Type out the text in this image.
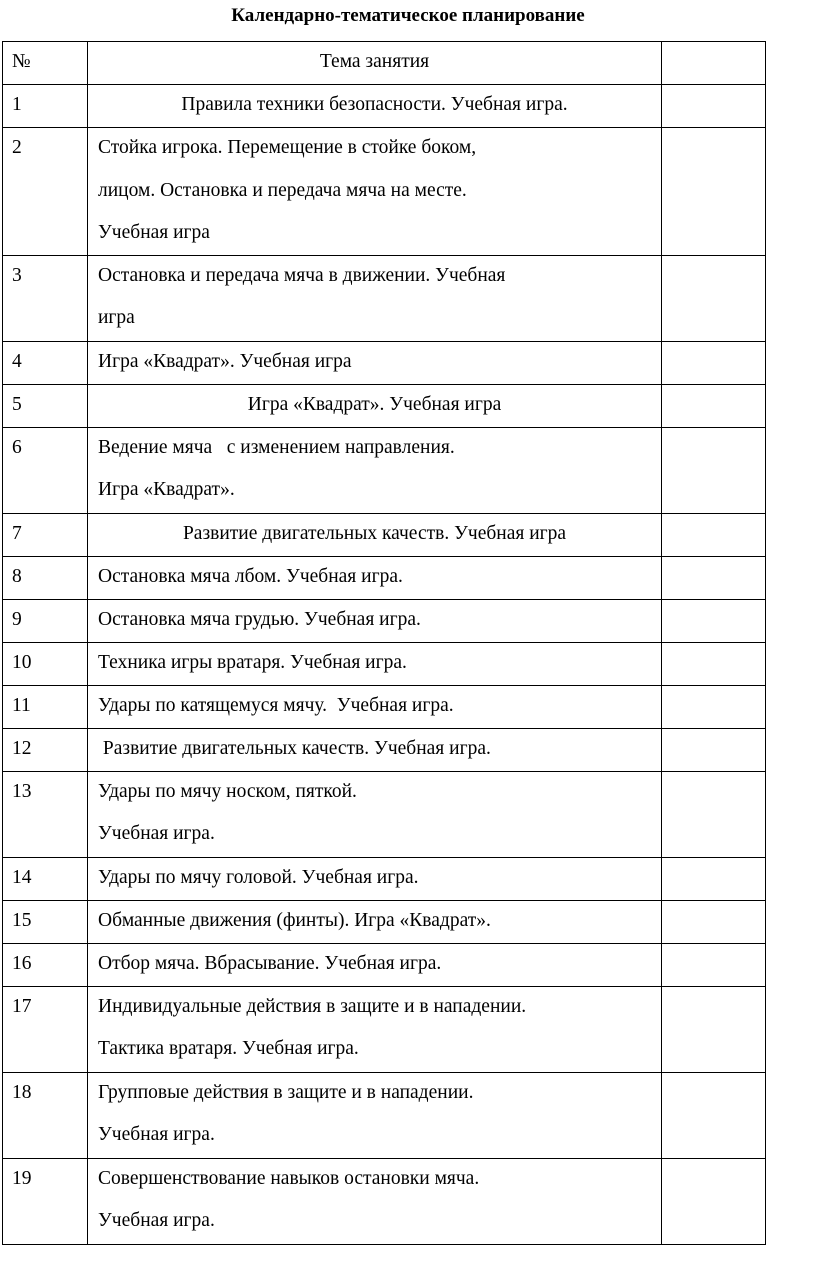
Календарно-тематическое планирование
№	Тема занятия	

1	Правила техники безопасности. Учебная игра.	

2	Стойка игрока. Перемещение в стойке боком,
лицом. Остановка и передача мяча на месте.
Учебная игра	

3	Остановка и передача мяча в движении. Учебная
игра	

4	Игра «Квадрат». Учебная игра	

5	Игра «Квадрат». Учебная игра	

6	Ведение мяча   с изменением направления.
Игра «Квадрат».	

7	Развитие двигательных качеств. Учебная игра	

8	Остановка мяча лбом. Учебная игра.	

9	Остановка мяча грудью. Учебная игра.	

10	Техника игры вратаря. Учебная игра.	

11	Удары по катящемуся мячу.  Учебная игра.	

12	Развитие двигательных качеств. Учебная игра.	

13	Удары по мячу носком, пяткой.
Учебная игра.	

14	Удары по мячу головой. Учебная игра.	

15	Обманные движения (финты). Игра «Квадрат».	

16	Отбор мяча. Вбрасывание. Учебная игра.	

17	Индивидуальные действия в защите и в нападении.
Тактика вратаря. Учебная игра.	

18	Групповые действия в защите и в нападении.
Учебная игра.	

19	Совершенствование навыков остановки мяча.
Учебная игра.	
